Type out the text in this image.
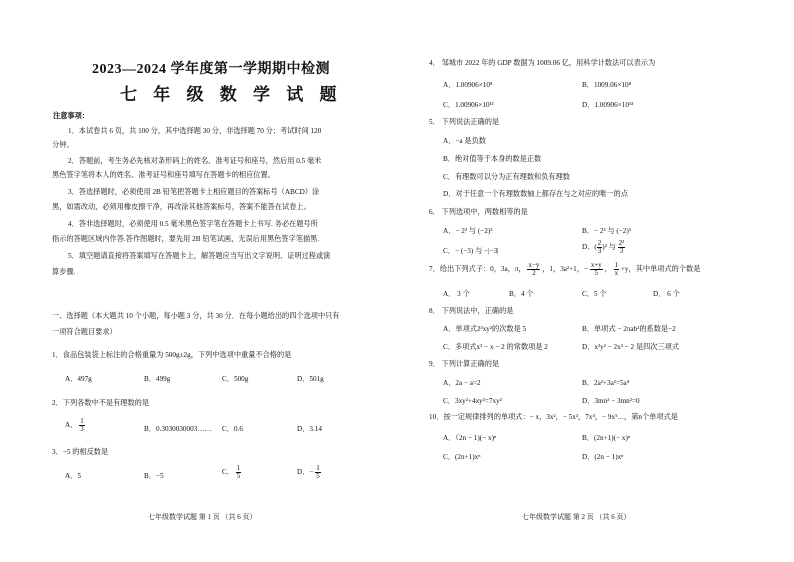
2023—2024 学年度第一学期期中检测
七 年 级 数 学 试 题
注意事项：
1．本试卷共 6 页，共 100 分，其中选择题 30 分，非选择题 70 分；考试时间 120
分钟。
2．答题前，考生务必先核对条形码上的姓名、准考证号和座号，然后用 0.5 毫米
黑色签字笔将本人的姓名、准考证号和座号填写在答题卡的相应位置。
3．答选择题时，必须使用 2B 铅笔把答题卡上相应题目的答案标号（ABCD）涂
黑，如需改动，必须用橡皮擦干净，再改涂其他答案标号，答案不能答在试卷上。
4．答非选择题时，必须使用 0.5 毫米黑色签字笔在答题卡上书写. 务必在题号所
指示的答题区域内作答.答作图题时，要先用 2B 铅笔试画，无误后用黑色签字笔描黑.
5．填空题请直接将答案填写在答题卡上，解答题应当写出文字说明、证明过程或演
算步骤.
一、选择题（本大题共 10 个小题，每小题 3 分，共 30 分．在每小题给出的四个选项中只有
一项符合题目要求）
1．食品包装袋上标注的合格重量为 500g±2g，下列中选项中重量不合格的是
A．497g	B．499g	C．500g	D．501g
2．下列各数中不是有理数的是
A． $\frac{1}{3}$	B．0.3030030003…… C．0.6	D．3.14
3．−5 的相反数是
A．5	B．−5	C． $\frac{1}{5}$	D．− $\frac{1}{5}$
七年级数学试题 第 1 页 （共 6 页）
4． 邹城市 2022 年的 GDP 数据为 1009.06 亿，用科学计数法可以表示为
A．1.00906×10⁸	B．1009.06×10⁸
C．1.00906×10¹¹	D．1.00906×10¹³
5． 下列说法正确的是
A．−a 是负数
B．绝对值等于本身的数是正数
C．有理数可以分为正有理数和负有理数
D．对于任意一个有理数数轴上都存在与之对应的唯一的点
6． 下列选项中，两数相等的是
A．− 2³ 与 (−2)²	B．− 2³ 与 (−2)³
C．− (−3) 与 −|−3|	D．( $\frac{2}{3} )^2$ 与 $\frac{\text{2²}}{3}$
7．给出下列式子：0，3a，π， $\frac{x-y}{2}$ ，1，3a²+1，− $\frac{x+y}{5}$ ， $\frac{1}{x} +y$，其中单项式的个数是
A． 3 个	B．4 个	C．5 个	D． 6 个
8． 下列说法中，正确的是
A．单项式2³xy²的次数是 5	B．单项式 − 2πab²的系数是−2
C．多项式x² − x − 2 的常数项是 2	D．x²y² − 2x³ − 2 是四次三项式
9． 下列计算正确的是
A．2a − a=2	B．2a²+3a²=5a⁴
C．3xy²+4xy²=7xy²	D．3mn² − 3mn²=0
10．按一定规律排列的单项式：− x，3x²，− 5x³，7x⁴，− 9x⁵⋯，第n个单项式是
A．（2n − 1)(− x)ⁿ	B．(2n+1)(− x)ⁿ
C．(2n+1)xⁿ	D．(2n − 1)xⁿ
七年级数学试题 第 2 页 （共 6 页）
